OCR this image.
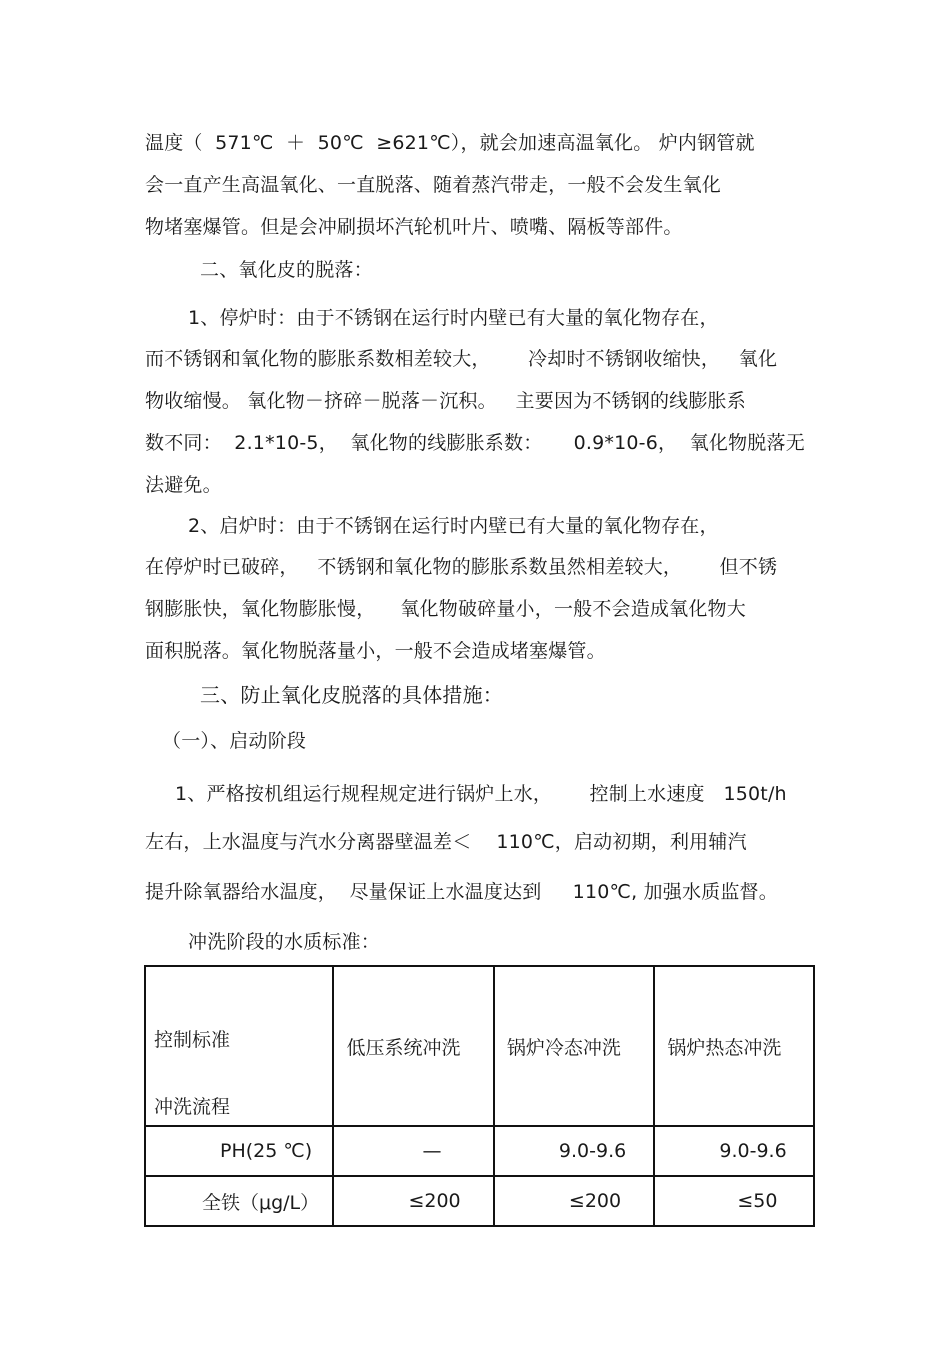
温度（  571℃  ＋  50℃  ≥621℃），就会加速高温氧化。 炉内钢管就
会一直产生高温氧化、一直脱落、随着蒸汽带走，一般不会发生氧化
物堵塞爆管。但是会冲刷损坏汽轮机叶片、喷嘴、隔板等部件。
二、氧化皮的脱落：
1、停炉时：由于不锈钢在运行时内壁已有大量的氧化物存在，
而不锈钢和氧化物的膨胀系数相差较大，      冷却时不锈钢收缩快，   氧化
物收缩慢。 氧化物－挤碎－脱落－沉积。   主要因为不锈钢的线膨胀系
数不同：  2.1*10-5，  氧化物的线膨胀系数：     0.9*10-6，  氧化物脱落无
法避免。
2、启炉时：由于不锈钢在运行时内壁已有大量的氧化物存在，
在停炉时已破碎，   不锈钢和氧化物的膨胀系数虽然相差较大，      但不锈
钢膨胀快，氧化物膨胀慢，    氧化物破碎量小，一般不会造成氧化物大
面积脱落。氧化物脱落量小，一般不会造成堵塞爆管。
三、防止氧化皮脱落的具体措施：
（一）、启动阶段
1、严格按机组运行规程规定进行锅炉上水，      控制上水速度   150t/h
左右，上水温度与汽水分离器壁温差＜    110℃，启动初期，利用辅汽
提升除氧器给水温度，  尽量保证上水温度达到     110℃, 加强水质监督。
冲洗阶段的水质标准：
控制标准
冲洗流程	低压系统冲洗	锅炉冷态冲洗	锅炉热态冲洗
PH(25 ℃)	—	9.0-9.6	9.0-9.6
全铁（μg/L）	≤200	≤200	≤50
